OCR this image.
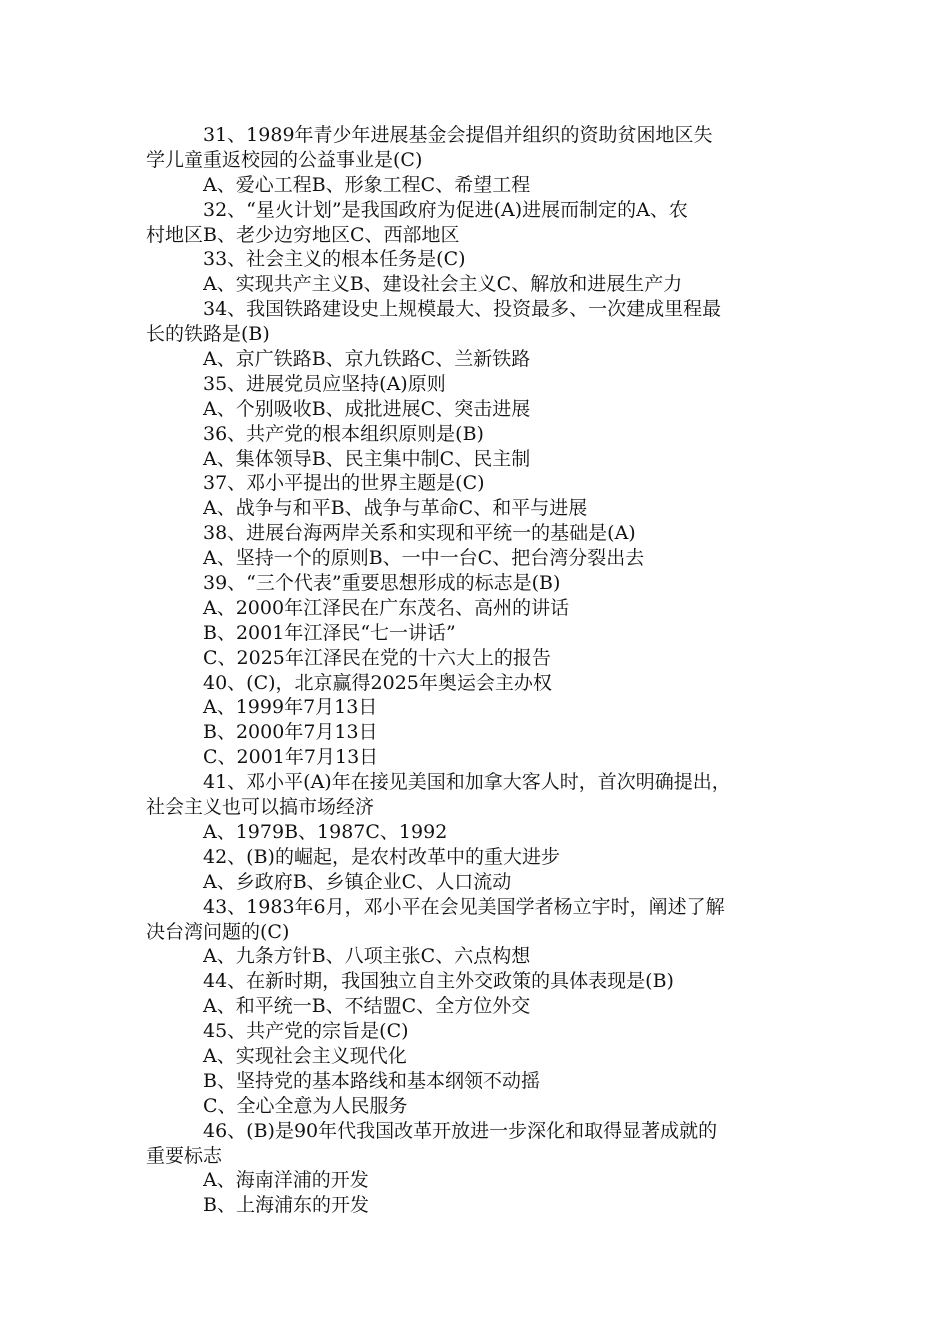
31、1989年青少年进展基金会提倡并组织的资助贫困地区失
学儿童重返校园的公益事业是(C)
A、爱心工程B、形象工程C、希望工程
32、“星火计划”是我国政府为促进(A)进展而制定的A、农
村地区B、老少边穷地区C、西部地区
33、社会主义的根本任务是(C)
A、实现共产主义B、建设社会主义C、解放和进展生产力
34、我国铁路建设史上规模最大、投资最多、一次建成里程最
长的铁路是(B)
A、京广铁路B、京九铁路C、兰新铁路
35、进展党员应坚持(A)原则
A、个别吸收B、成批进展C、突击进展
36、共产党的根本组织原则是(B)
A、集体领导B、民主集中制C、民主制
37、邓小平提出的世界主题是(C)
A、战争与和平B、战争与革命C、和平与进展
38、进展台海两岸关系和实现和平统一的基础是(A)
A、坚持一个的原则B、一中一台C、把台湾分裂出去
39、“三个代表”重要思想形成的标志是(B)
A、2000年江泽民在广东茂名、高州的讲话
B、2001年江泽民“七一讲话”
C、2025年江泽民在党的十六大上的报告
40、(C)，北京赢得2025年奥运会主办权
A、1999年7月13日
B、2000年7月13日
C、2001年7月13日
41、邓小平(A)年在接见美国和加拿大客人时，首次明确提出，
社会主义也可以搞市场经济
A、1979B、1987C、1992
42、(B)的崛起，是农村改革中的重大进步
A、乡政府B、乡镇企业C、人口流动
43、1983年6月，邓小平在会见美国学者杨立宇时，阐述了解
决台湾问题的(C)
A、九条方针B、八项主张C、六点构想
44、在新时期，我国独立自主外交政策的具体表现是(B)
A、和平统一B、不结盟C、全方位外交
45、共产党的宗旨是(C)
A、实现社会主义现代化
B、坚持党的基本路线和基本纲领不动摇
C、全心全意为人民服务
46、(B)是90年代我国改革开放进一步深化和取得显著成就的
重要标志
A、海南洋浦的开发
B、上海浦东的开发
